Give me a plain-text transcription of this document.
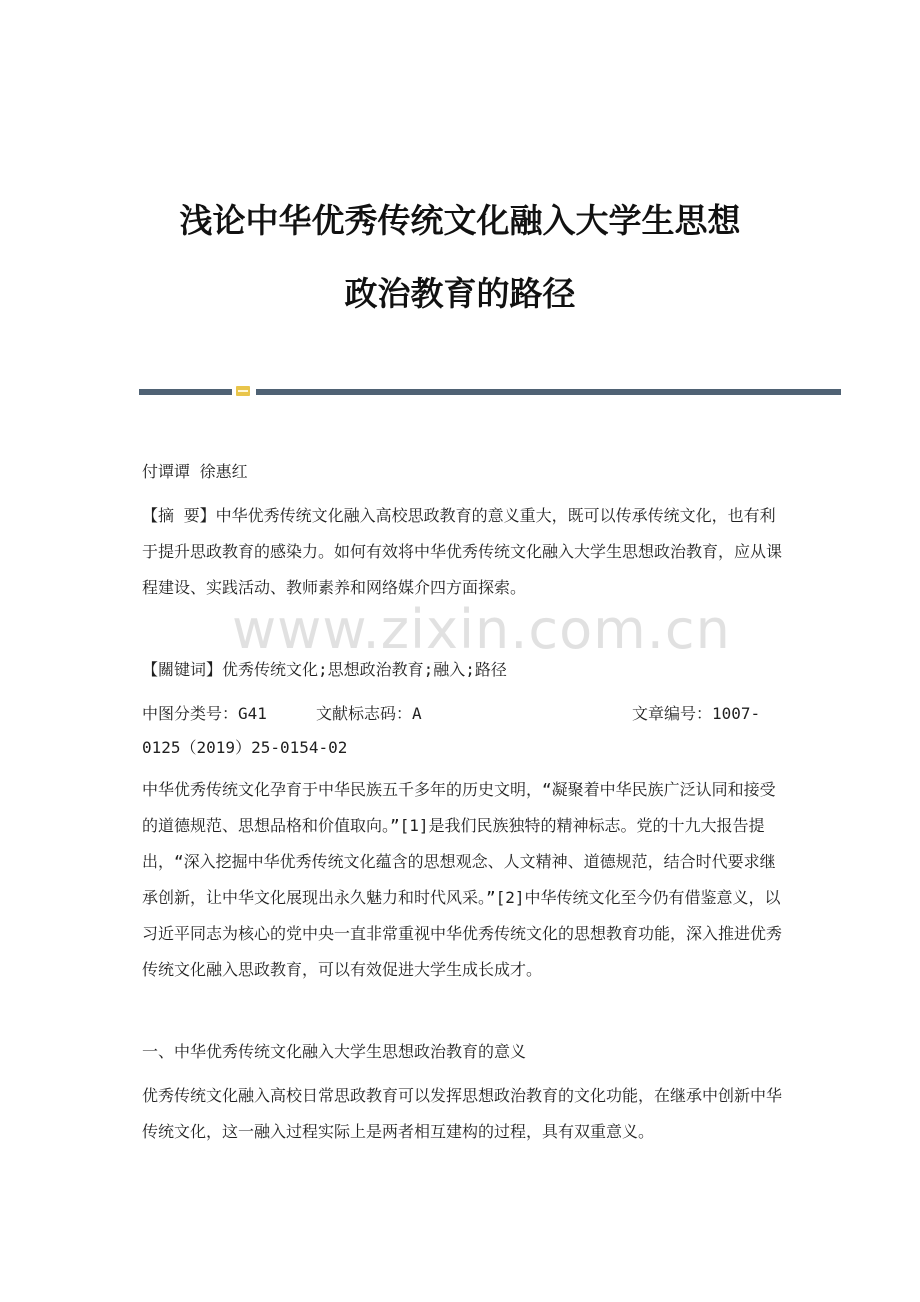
浅论中华优秀传统文化融入大学生思想
政治教育的路径
付谭谭 徐惠红
【摘 要】中华优秀传统文化融入高校思政教育的意义重大，既可以传承传统文化，也有利于提升思政教育的感染力。如何有效将中华优秀传统文化融入大学生思想政治教育，应从课程建设、实践活动、教师素养和网络媒介四方面探索。
www.zixin.com.cn
【關键词】优秀传统文化;思想政治教育;融入;路径
中图分类号：G41	文献标志码：A	文章编号：1007-
0125（2019）25-0154-02
中华优秀传统文化孕育于中华民族五千多年的历史文明，“凝聚着中华民族广泛认同和接受的道德规范、思想品格和价值取向。”[1]是我们民族独特的精神标志。党的十九大报告提出，“深入挖掘中华优秀传统文化蕴含的思想观念、人文精神、道德规范，结合时代要求继承创新，让中华文化展现出永久魅力和时代风采。”[2]中华传统文化至今仍有借鉴意义，以习近平同志为核心的党中央一直非常重视中华优秀传统文化的思想教育功能，深入推进优秀传统文化融入思政教育，可以有效促进大学生成长成才。
一、中华优秀传统文化融入大学生思想政治教育的意义
优秀传统文化融入高校日常思政教育可以发挥思想政治教育的文化功能，在继承中创新中华传统文化，这一融入过程实际上是两者相互建构的过程，具有双重意义。
